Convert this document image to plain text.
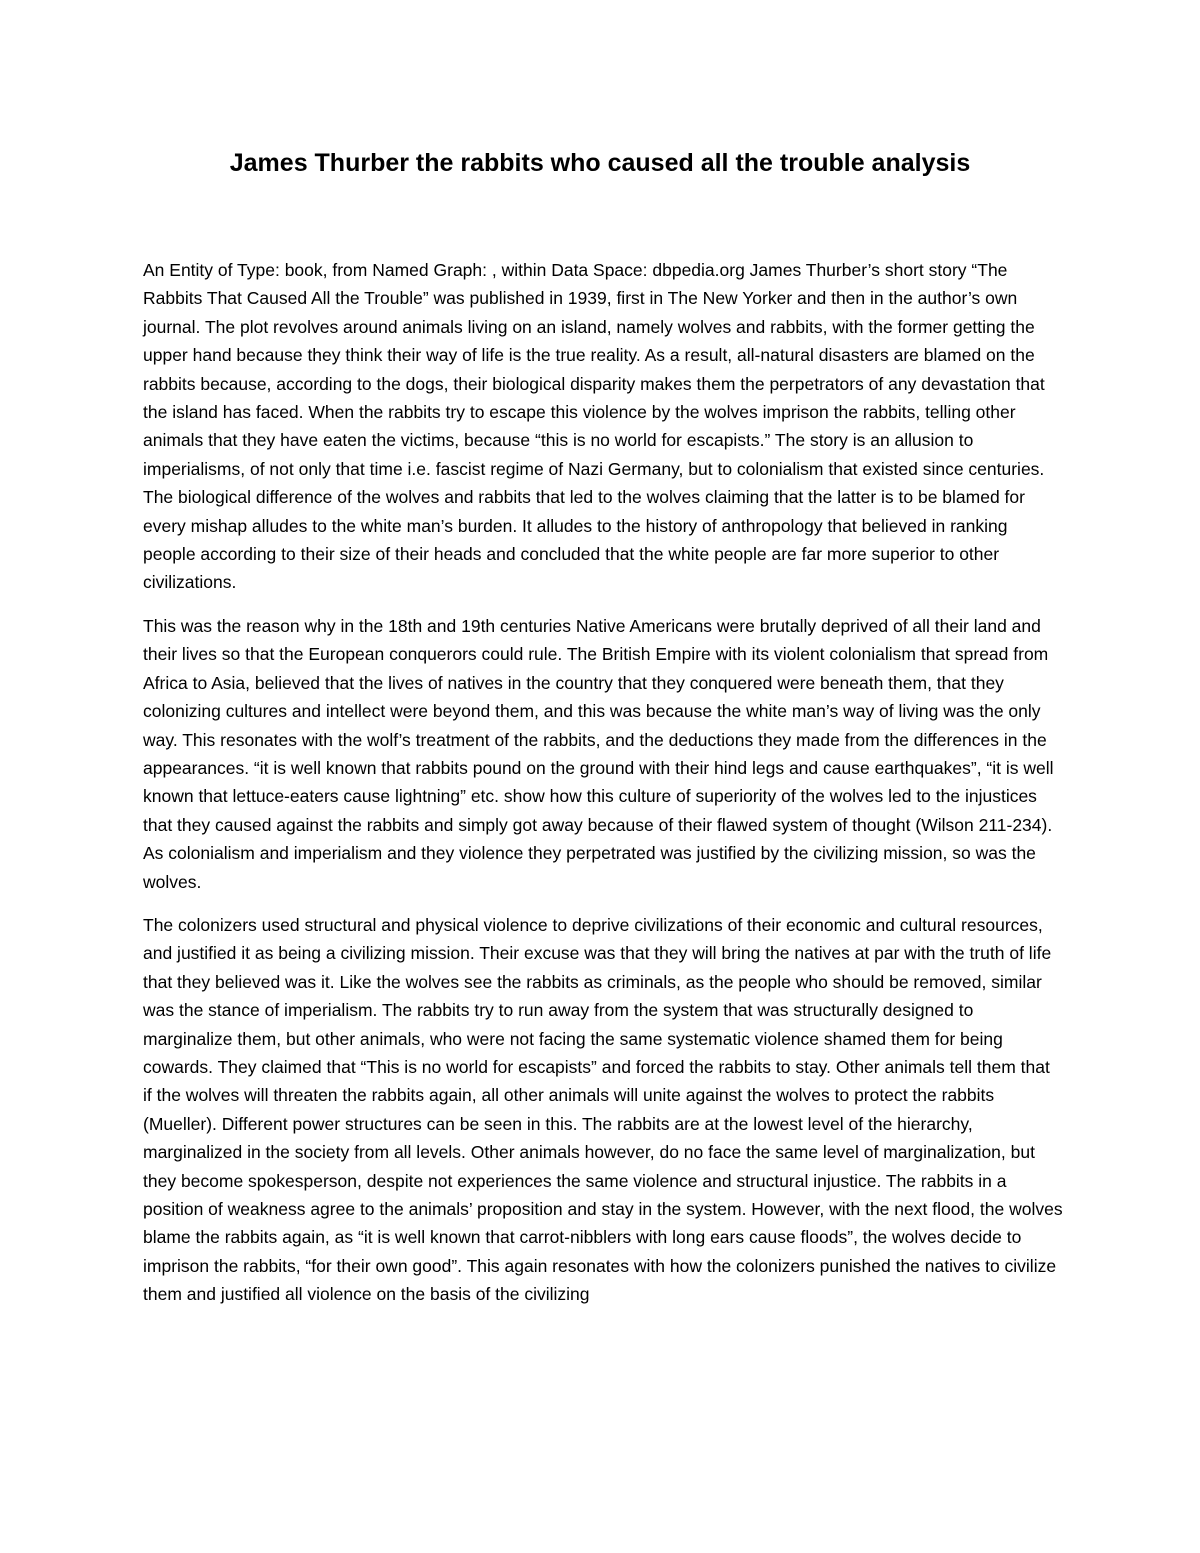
James Thurber the rabbits who caused all the trouble analysis

An Entity of Type: book, from Named Graph: , within Data Space: dbpedia.org James Thurber’s short story “The Rabbits That Caused All the Trouble” was published in 1939, first in The New Yorker and then in the author’s own journal. The plot revolves around animals living on an island, namely wolves and rabbits, with the former getting the upper hand because they think their way of life is the true reality. As a result, all-natural disasters are blamed on the rabbits because, according to the dogs, their biological disparity makes them the perpetrators of any devastation that the island has faced. When the rabbits try to escape this violence by the wolves imprison the rabbits, telling other animals that they have eaten the victims, because “this is no world for escapists.” The story is an allusion to imperialisms, of not only that time i.e. fascist regime of Nazi Germany, but to colonialism that existed since centuries. The biological difference of the wolves and rabbits that led to the wolves claiming that the latter is to be blamed for every mishap alludes to the white man’s burden. It alludes to the history of anthropology that believed in ranking people according to their size of their heads and concluded that the white people are far more superior to other civilizations.

This was the reason why in the 18th and 19th centuries Native Americans were brutally deprived of all their land and their lives so that the European conquerors could rule. The British Empire with its violent colonialism that spread from Africa to Asia, believed that the lives of natives in the country that they conquered were beneath them, that they colonizing cultures and intellect were beyond them, and this was because the white man’s way of living was the only way. This resonates with the wolf’s treatment of the rabbits, and the deductions they made from the differences in the appearances. “it is well known that rabbits pound on the ground with their hind legs and cause earthquakes”, “it is well known that lettuce-eaters cause lightning” etc. show how this culture of superiority of the wolves led to the injustices that they caused against the rabbits and simply got away because of their flawed system of thought (Wilson 211-234). As colonialism and imperialism and they violence they perpetrated was justified by the civilizing mission, so was the wolves.

The colonizers used structural and physical violence to deprive civilizations of their economic and cultural resources, and justified it as being a civilizing mission. Their excuse was that they will bring the natives at par with the truth of life that they believed was it. Like the wolves see the rabbits as criminals, as the people who should be removed, similar was the stance of imperialism. The rabbits try to run away from the system that was structurally designed to marginalize them, but other animals, who were not facing the same systematic violence shamed them for being cowards. They claimed that “This is no world for escapists” and forced the rabbits to stay. Other animals tell them that if the wolves will threaten the rabbits again, all other animals will unite against the wolves to protect the rabbits (Mueller). Different power structures can be seen in this. The rabbits are at the lowest level of the hierarchy, marginalized in the society from all levels. Other animals however, do no face the same level of marginalization, but they become spokesperson, despite not experiences the same violence and structural injustice. The rabbits in a position of weakness agree to the animals’ proposition and stay in the system. However, with the next flood, the wolves blame the rabbits again, as “it is well known that carrot-nibblers with long ears cause floods”, the wolves decide to imprison the rabbits, “for their own good”. This again resonates with how the colonizers punished the natives to civilize them and justified all violence on the basis of the civilizing
